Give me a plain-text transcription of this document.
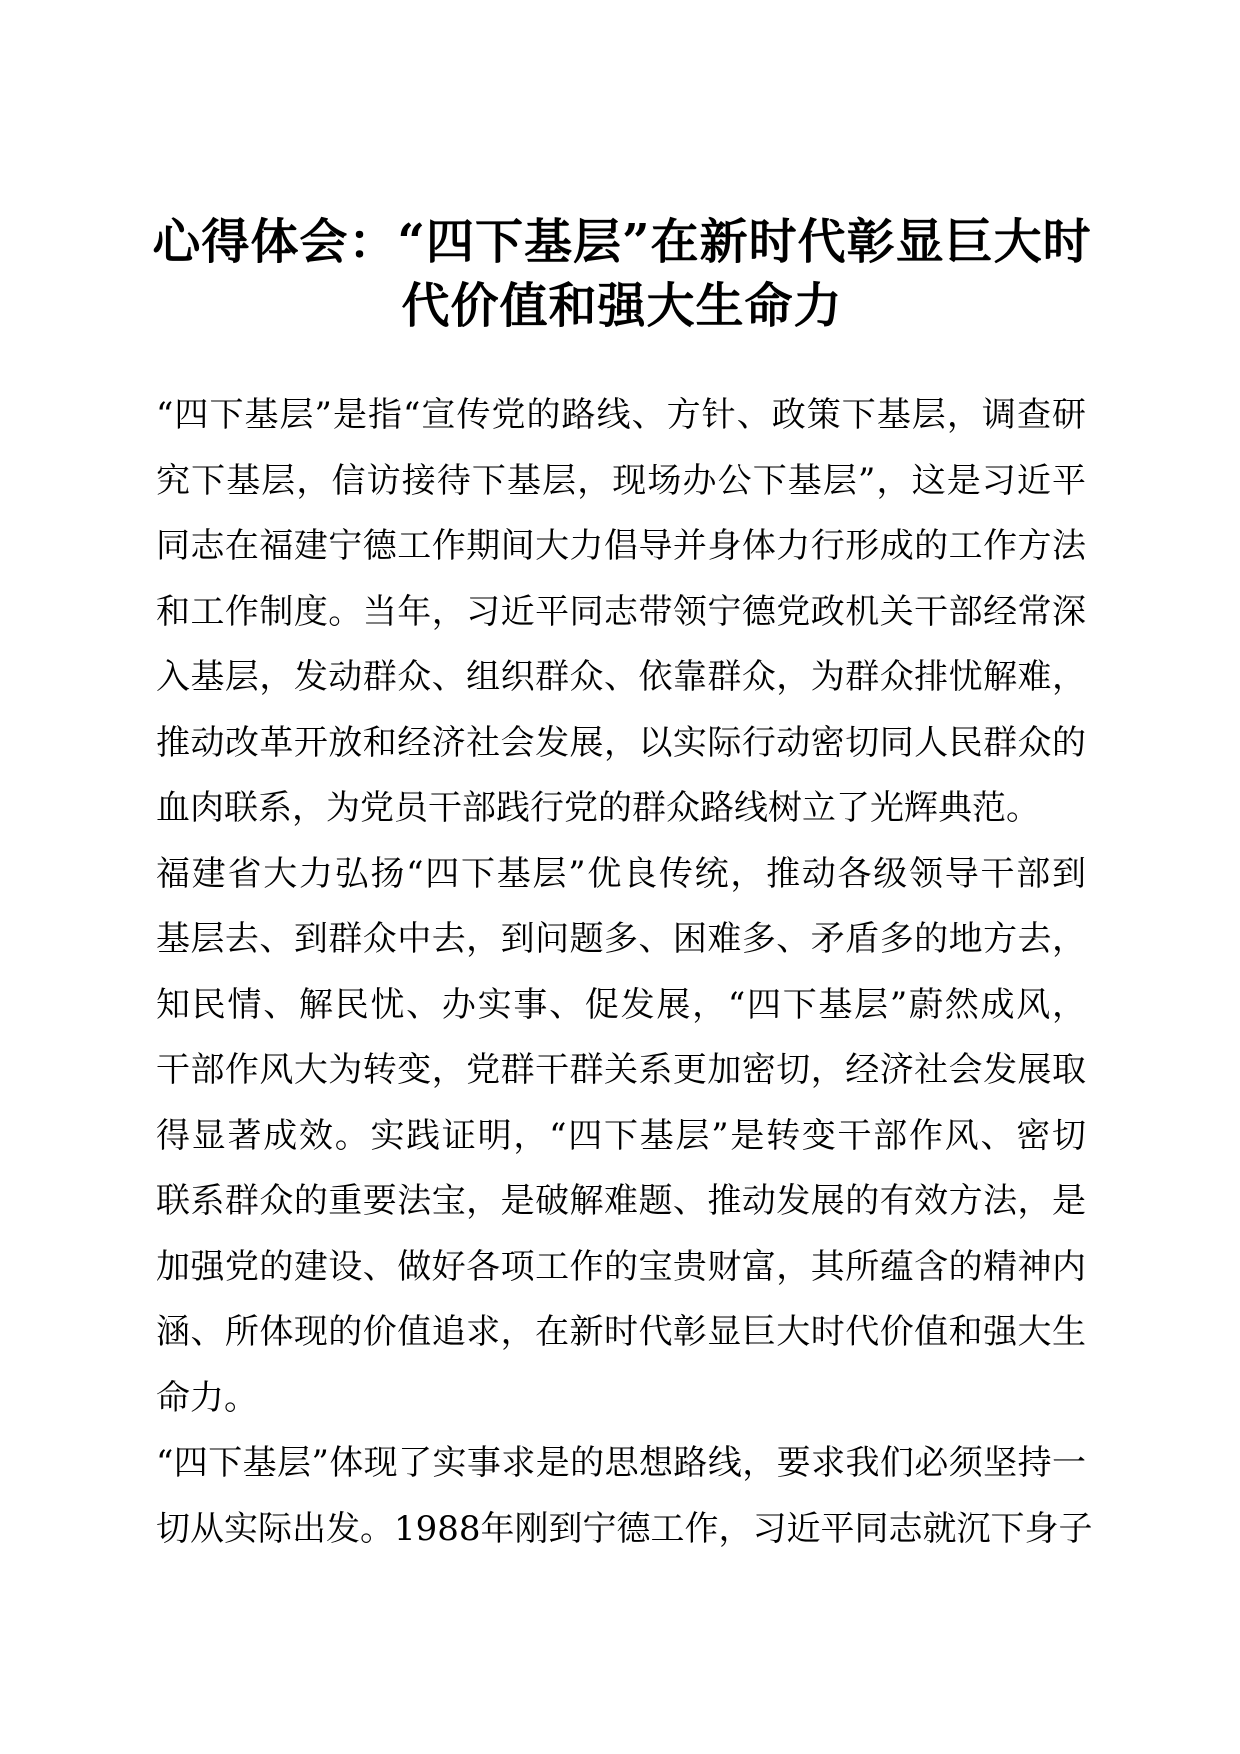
心得体会：“四下基层”在新时代彰显巨大时
代价值和强大生命力
“四下基层”是指“宣传党的路线、方针、政策下基层，调查研
究下基层，信访接待下基层，现场办公下基层”，这是习近平
同志在福建宁德工作期间大力倡导并身体力行形成的工作方法
和工作制度。当年，习近平同志带领宁德党政机关干部经常深
入基层，发动群众、组织群众、依靠群众，为群众排忧解难，
推动改革开放和经济社会发展，以实际行动密切同人民群众的
血肉联系，为党员干部践行党的群众路线树立了光辉典范。
福建省大力弘扬“四下基层”优良传统，推动各级领导干部到
基层去、到群众中去，到问题多、困难多、矛盾多的地方去，
知民情、解民忧、办实事、促发展，“四下基层”蔚然成风，
干部作风大为转变，党群干群关系更加密切，经济社会发展取
得显著成效。实践证明，“四下基层”是转变干部作风、密切
联系群众的重要法宝，是破解难题、推动发展的有效方法，是
加强党的建设、做好各项工作的宝贵财富，其所蕴含的精神内
涵、所体现的价值追求，在新时代彰显巨大时代价值和强大生
命力。
“四下基层”体现了实事求是的思想路线，要求我们必须坚持一
切从实际出发。1988年刚到宁德工作，习近平同志就沉下身子
